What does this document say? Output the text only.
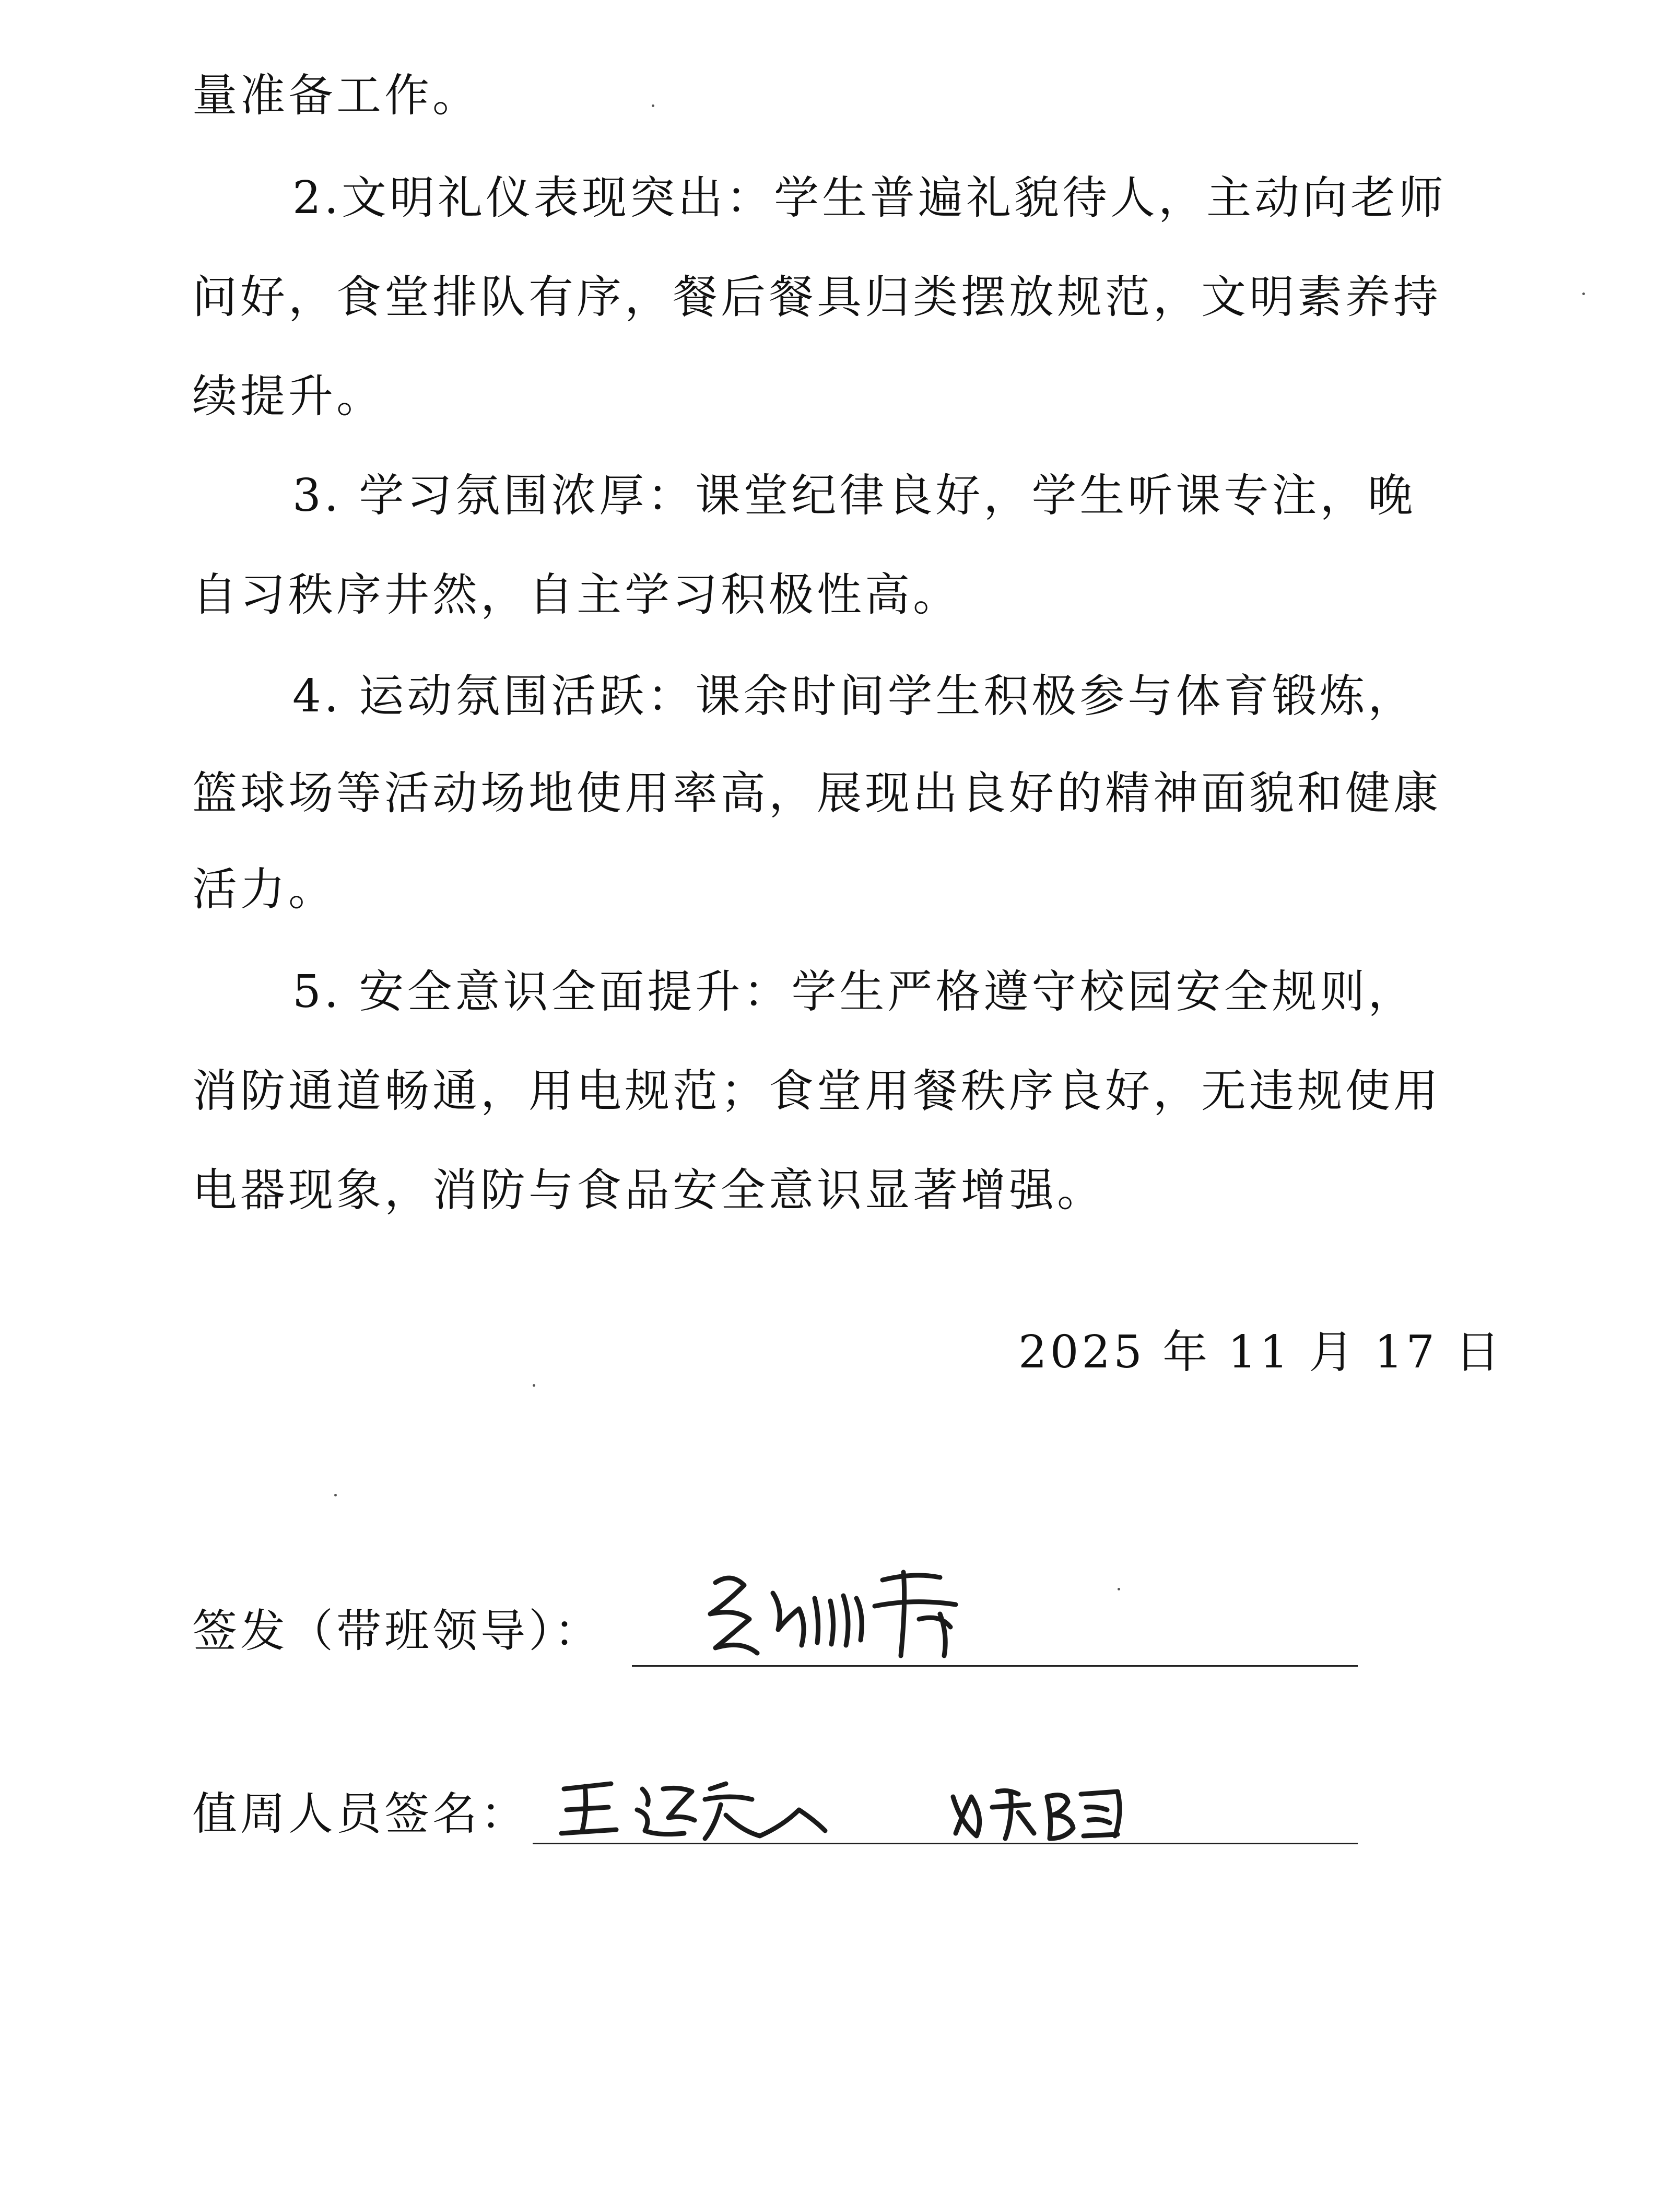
量准备工作。
2.文明礼仪表现突出：学生普遍礼貌待人，主动向老师
问好，食堂排队有序，餐后餐具归类摆放规范，文明素养持
续提升。
3. 学习氛围浓厚：课堂纪律良好，学生听课专注，晚
自习秩序井然，自主学习积极性高。
4. 运动氛围活跃：课余时间学生积极参与体育锻炼，
篮球场等活动场地使用率高，展现出良好的精神面貌和健康
活力。
5. 安全意识全面提升：学生严格遵守校园安全规则，
消防通道畅通，用电规范；食堂用餐秩序良好，无违规使用
电器现象，消防与食品安全意识显著增强。
2025 年 11 月 17 日
签发（带班领导）：
值周人员签名：
